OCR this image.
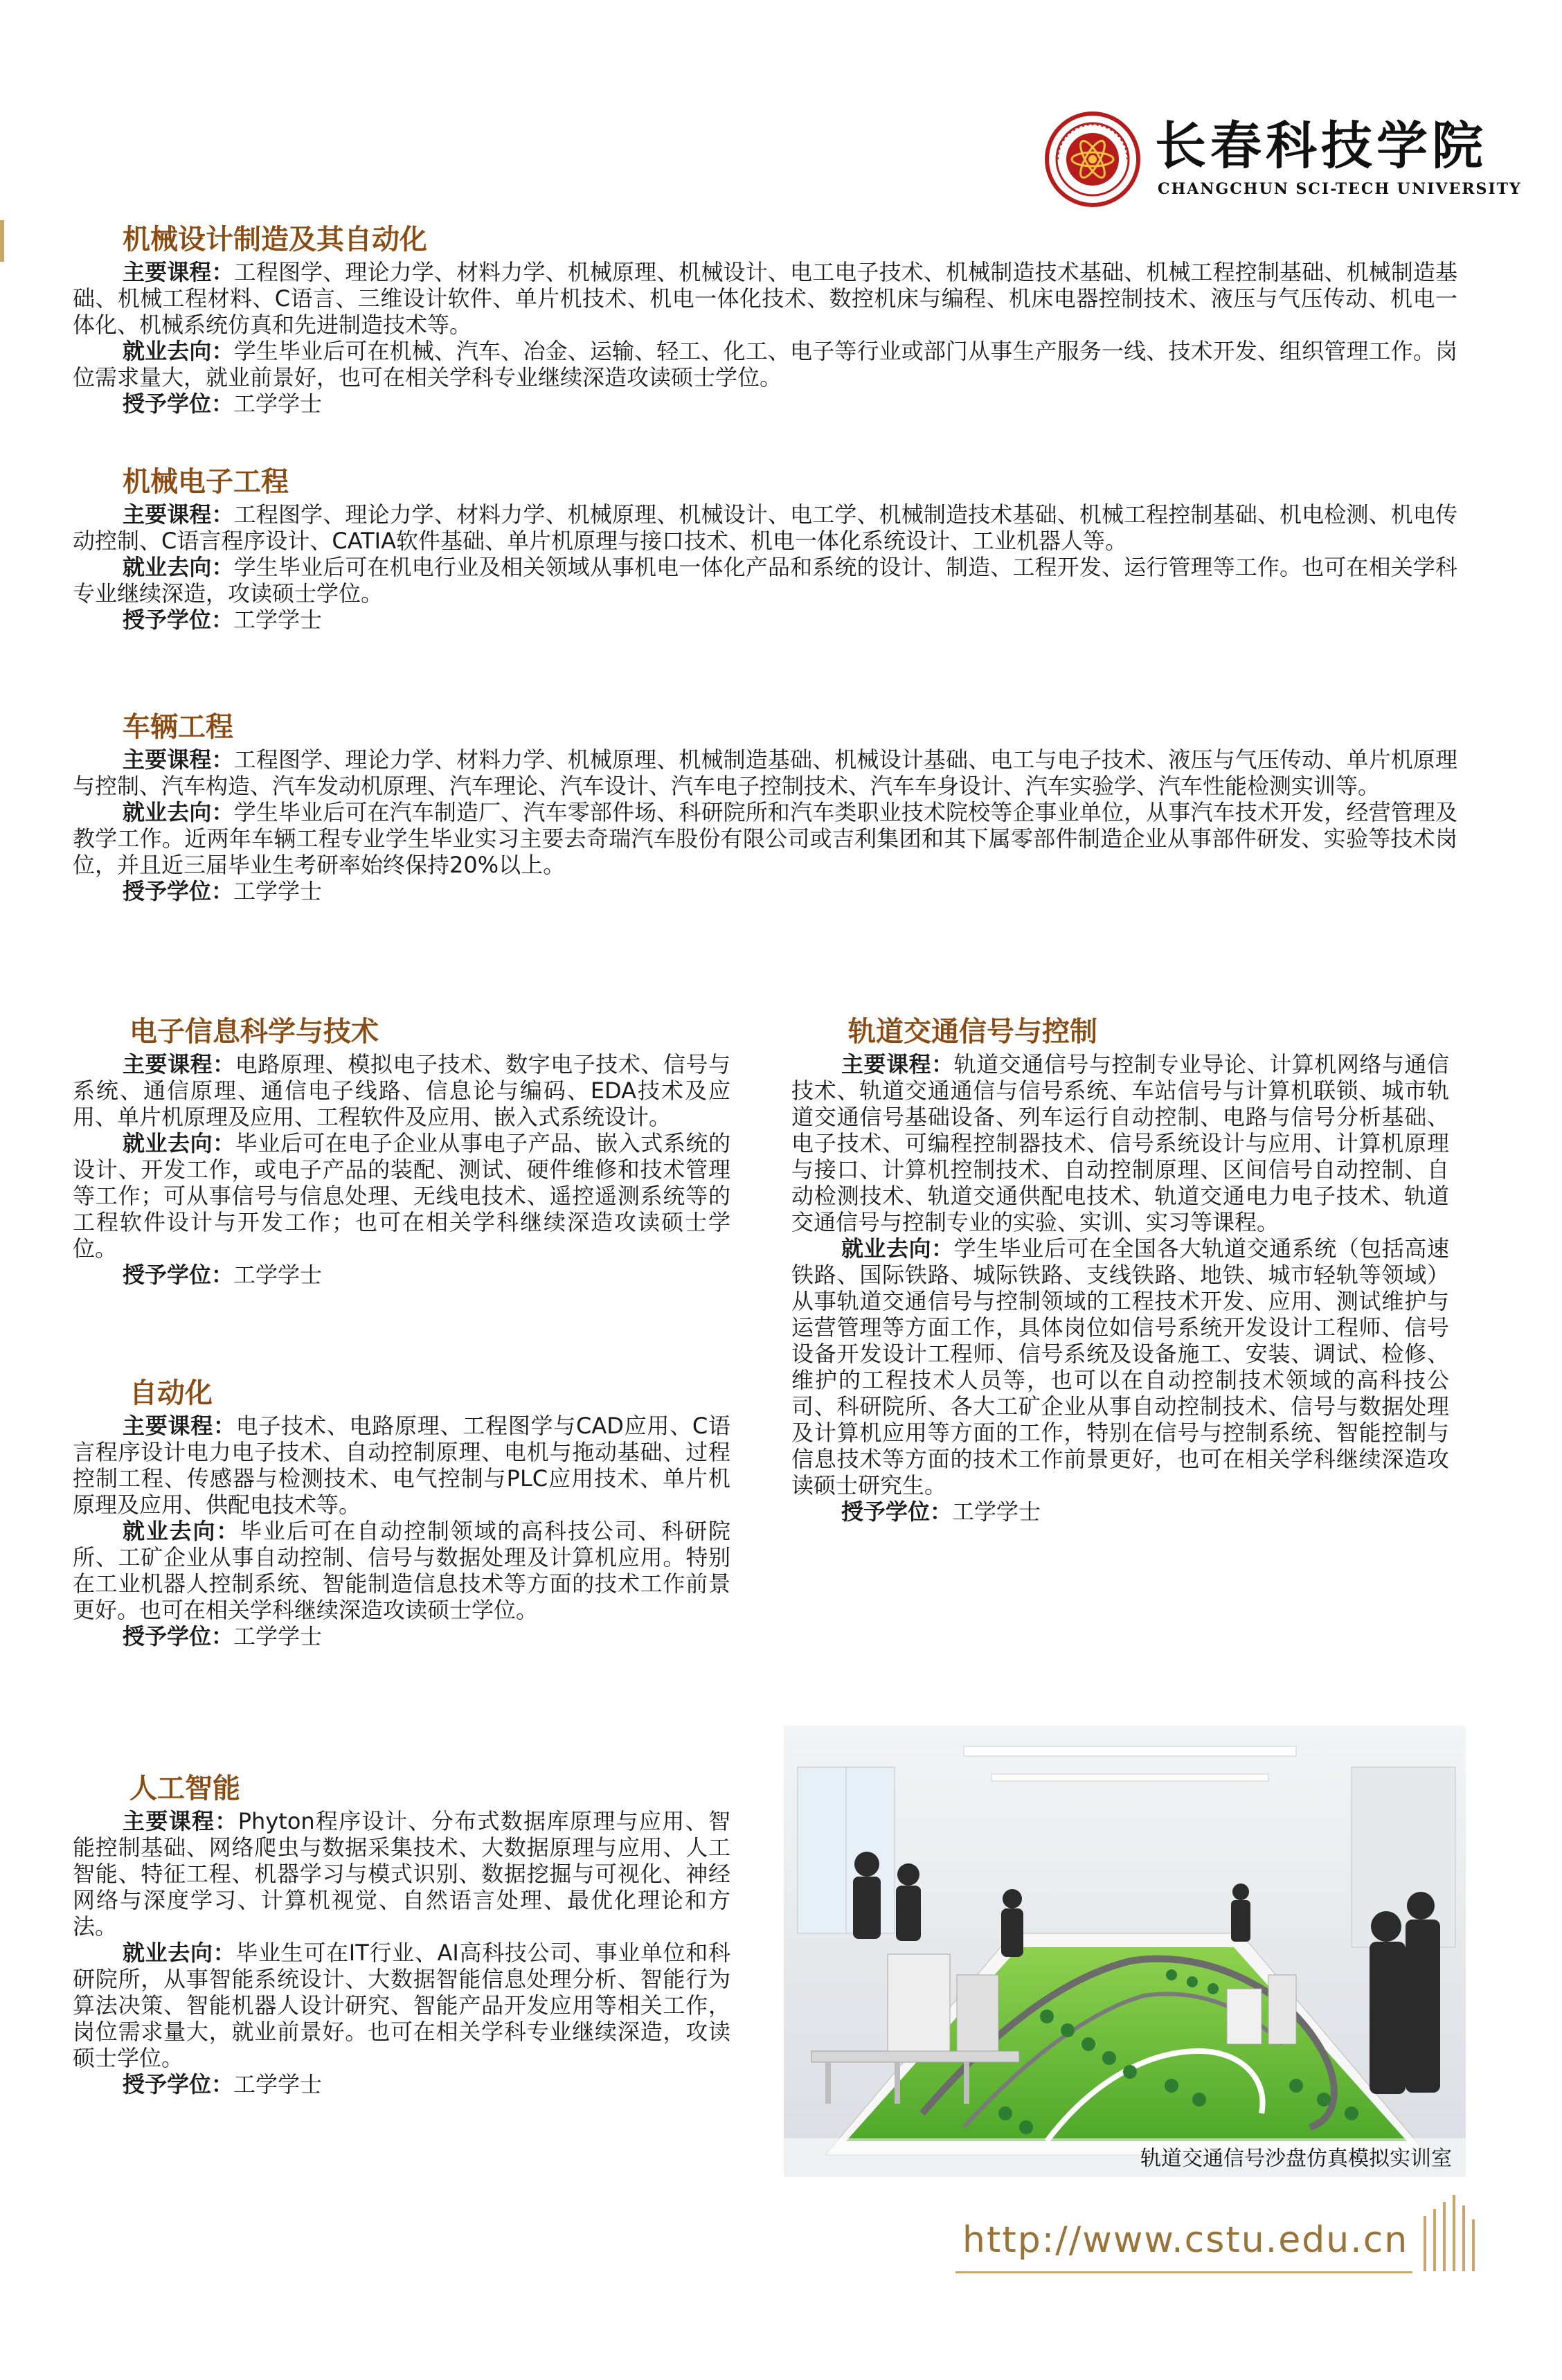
长春科技学院
CHANGCHUN SCI-TECH UNIVERSITY
机械设计制造及其自动化

主要课程：工程图学、理论力学、材料力学、机械原理、机械设计、电工电子技术、机械制造技术基础、机械工程控制基础、机械制造基础、机械工程材料、C语言、三维设计软件、单片机技术、机电一体化技术、数控机床与编程、机床电器控制技术、液压与气压传动、机电一体化、机械系统仿真和先进制造技术等。

就业去向：学生毕业后可在机械、汽车、冶金、运输、轻工、化工、电子等行业或部门从事生产服务一线、技术开发、组织管理工作。岗位需求量大，就业前景好，也可在相关学科专业继续深造攻读硕士学位。

授予学位：工学学士

机械电子工程

主要课程：工程图学、理论力学、材料力学、机械原理、机械设计、电工学、机械制造技术基础、机械工程控制基础、机电检测、机电传动控制、C语言程序设计、CATIA软件基础、单片机原理与接口技术、机电一体化系统设计、工业机器人等。

就业去向：学生毕业后可在机电行业及相关领域从事机电一体化产品和系统的设计、制造、工程开发、运行管理等工作。也可在相关学科专业继续深造，攻读硕士学位。

授予学位：工学学士

车辆工程

主要课程：工程图学、理论力学、材料力学、机械原理、机械制造基础、机械设计基础、电工与电子技术、液压与气压传动、单片机原理与控制、汽车构造、汽车发动机原理、汽车理论、汽车设计、汽车电子控制技术、汽车车身设计、汽车实验学、汽车性能检测实训等。

就业去向：学生毕业后可在汽车制造厂、汽车零部件场、科研院所和汽车类职业技术院校等企事业单位，从事汽车技术开发，经营管理及教学工作。近两年车辆工程专业学生毕业实习主要去奇瑞汽车股份有限公司或吉利集团和其下属零部件制造企业从事部件研发、实验等技术岗位，并且近三届毕业生考研率始终保持20%以上。

授予学位：工学学士

电子信息科学与技术

主要课程：电路原理、模拟电子技术、数字电子技术、信号与系统、通信原理、通信电子线路、信息论与编码、EDA技术及应用、单片机原理及应用、工程软件及应用、嵌入式系统设计。

就业去向：毕业后可在电子企业从事电子产品、嵌入式系统的设计、开发工作，或电子产品的装配、测试、硬件维修和技术管理等工作；可从事信号与信息处理、无线电技术、遥控遥测系统等的工程软件设计与开发工作；也可在相关学科继续深造攻读硕士学位。

授予学位：工学学士

自动化

主要课程：电子技术、电路原理、工程图学与CAD应用、C语言程序设计电力电子技术、自动控制原理、电机与拖动基础、过程控制工程、传感器与检测技术、电气控制与PLC应用技术、单片机原理及应用、供配电技术等。

就业去向：毕业后可在自动控制领域的高科技公司、科研院所、工矿企业从事自动控制、信号与数据处理及计算机应用。特别在工业机器人控制系统、智能制造信息技术等方面的技术工作前景更好。也可在相关学科继续深造攻读硕士学位。

授予学位：工学学士

人工智能

主要课程：Phyton程序设计、分布式数据库原理与应用、智能控制基础、网络爬虫与数据采集技术、大数据原理与应用、人工智能、特征工程、机器学习与模式识别、数据挖掘与可视化、神经网络与深度学习、计算机视觉、自然语言处理、最优化理论和方法。

就业去向：毕业生可在IT行业、AI高科技公司、事业单位和科研院所，从事智能系统设计、大数据智能信息处理分析、智能行为算法决策、智能机器人设计研究、智能产品开发应用等相关工作，岗位需求量大，就业前景好。也可在相关学科专业继续深造，攻读硕士学位。

授予学位：工学学士

轨道交通信号与控制

主要课程：轨道交通信号与控制专业导论、计算机网络与通信技术、轨道交通通信与信号系统、车站信号与计算机联锁、城市轨道交通信号基础设备、列车运行自动控制、电路与信号分析基础、电子技术、可编程控制器技术、信号系统设计与应用、计算机原理与接口、计算机控制技术、自动控制原理、区间信号自动控制、自动检测技术、轨道交通供配电技术、轨道交通电力电子技术、轨道交通信号与控制专业的实验、实训、实习等课程。

就业去向：学生毕业后可在全国各大轨道交通系统（包括高速铁路、国际铁路、城际铁路、支线铁路、地铁、城市轻轨等领域）从事轨道交通信号与控制领域的工程技术开发、应用、测试维护与运营管理等方面工作，具体岗位如信号系统开发设计工程师、信号设备开发设计工程师、信号系统及设备施工、安装、调试、检修、维护的工程技术人员等，也可以在自动控制技术领域的高科技公司、科研院所、各大工矿企业从事自动控制技术、信号与数据处理及计算机应用等方面的工作，特别在信号与控制系统、智能控制与信息技术等方面的技术工作前景更好，也可在相关学科继续深造攻读硕士研究生。

授予学位：工学学士

轨道交通信号沙盘仿真模拟实训室
http://www.cstu.edu.cn
